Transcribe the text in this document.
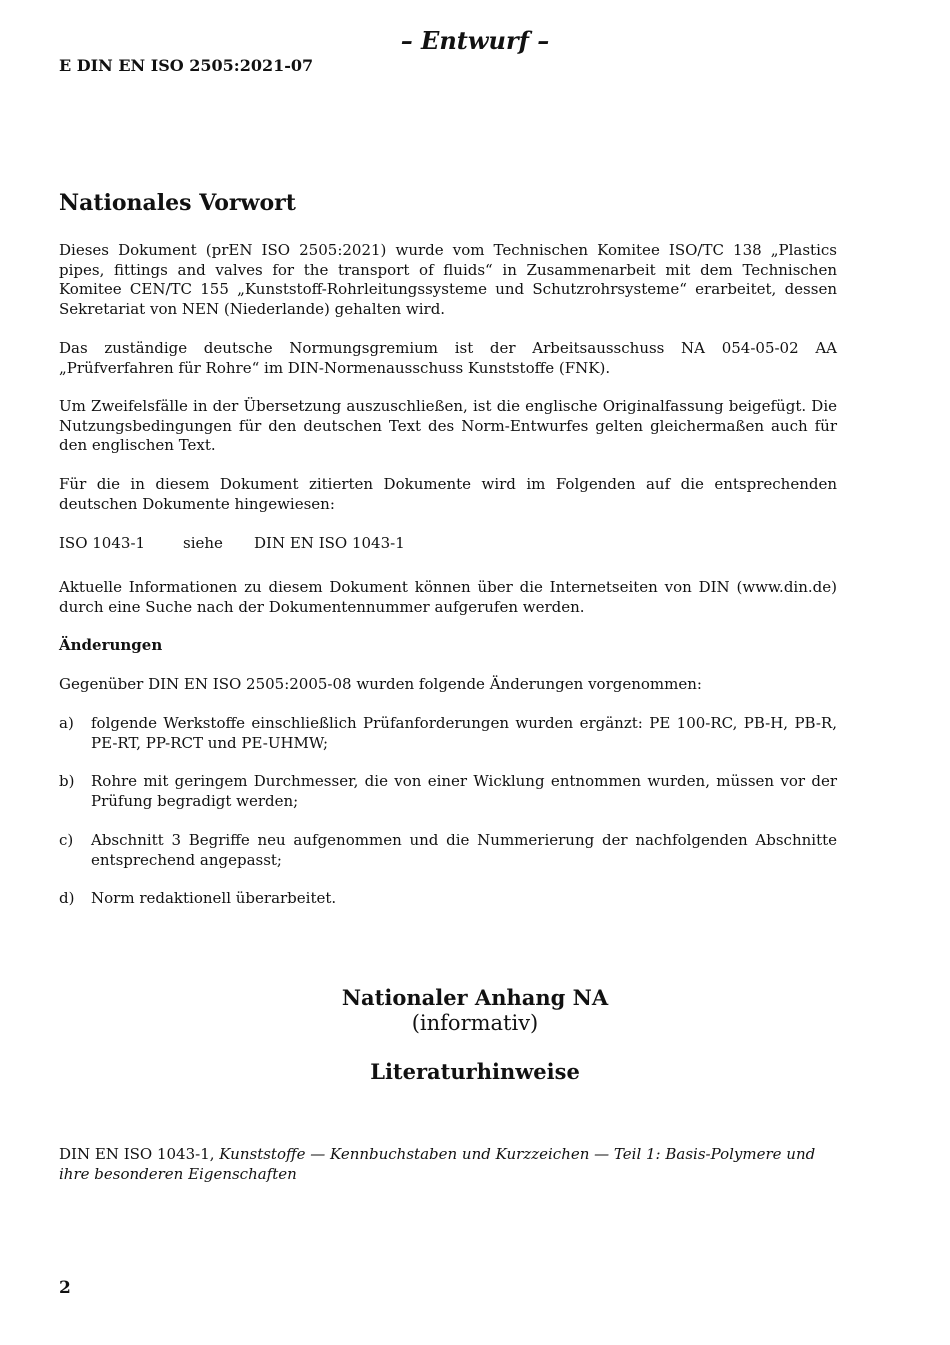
– Entwurf –
E DIN EN ISO 2505:2021-07
Nationales Vorwort

Dieses Dokument (prEN ISO 2505:2021) wurde vom Technischen Komitee ISO/TC 138 „Plastics pipes, fittings and valves for the transport of fluids“ in Zusammenarbeit mit dem Technischen Komitee CEN/TC 155 „Kunststoff-Rohrleitungssysteme und Schutzrohrsysteme“ erarbeitet, dessen Sekretariat von NEN (Niederlande) gehalten wird.

Das zuständige deutsche Normungsgremium ist der Arbeitsausschuss NA 054-05-02 AA „Prüfverfahren für Rohre“ im DIN-Normenausschuss Kunststoffe (FNK).

Um Zweifelsfälle in der Übersetzung auszuschließen, ist die englische Originalfassung beigefügt. Die Nutzungsbedingungen für den deutschen Text des Norm-Entwurfes gelten gleichermaßen auch für den englischen Text.

Für die in diesem Dokument zitierten Dokumente wird im Folgenden auf die entsprechenden deutschen Dokumente hingewiesen:

ISO 1043-1	siehe DIN EN ISO 1043-1

Aktuelle Informationen zu diesem Dokument können über die Internetseiten von DIN (www.din.de) durch eine Suche nach der Dokumentennummer aufgerufen werden.

Änderungen
Gegenüber DIN EN ISO 2505:2005-08 wurden folgende Änderungen vorgenommen:
a)	folgende Werkstoffe einschließlich Prüfanforderungen wurden ergänzt: PE 100-RC, PB-H, PB-R, PE-RT, PP-RCT und PE-UHMW;
b)	Rohre mit geringem Durchmesser, die von einer Wicklung entnommen wurden, müssen vor der Prüfung begradigt werden;
c)	Abschnitt 3 Begriffe neu aufgenommen und die Nummerierung der nachfolgenden Abschnitte entsprechend angepasst;
d)	Norm redaktionell überarbeitet.
Nationaler Anhang NA
(informativ)
Literaturhinweise
DIN EN ISO 1043-1, Kunststoffe — Kennbuchstaben und Kurzzeichen — Teil 1: Basis-Polymere und ihre besonderen Eigenschaften
2
